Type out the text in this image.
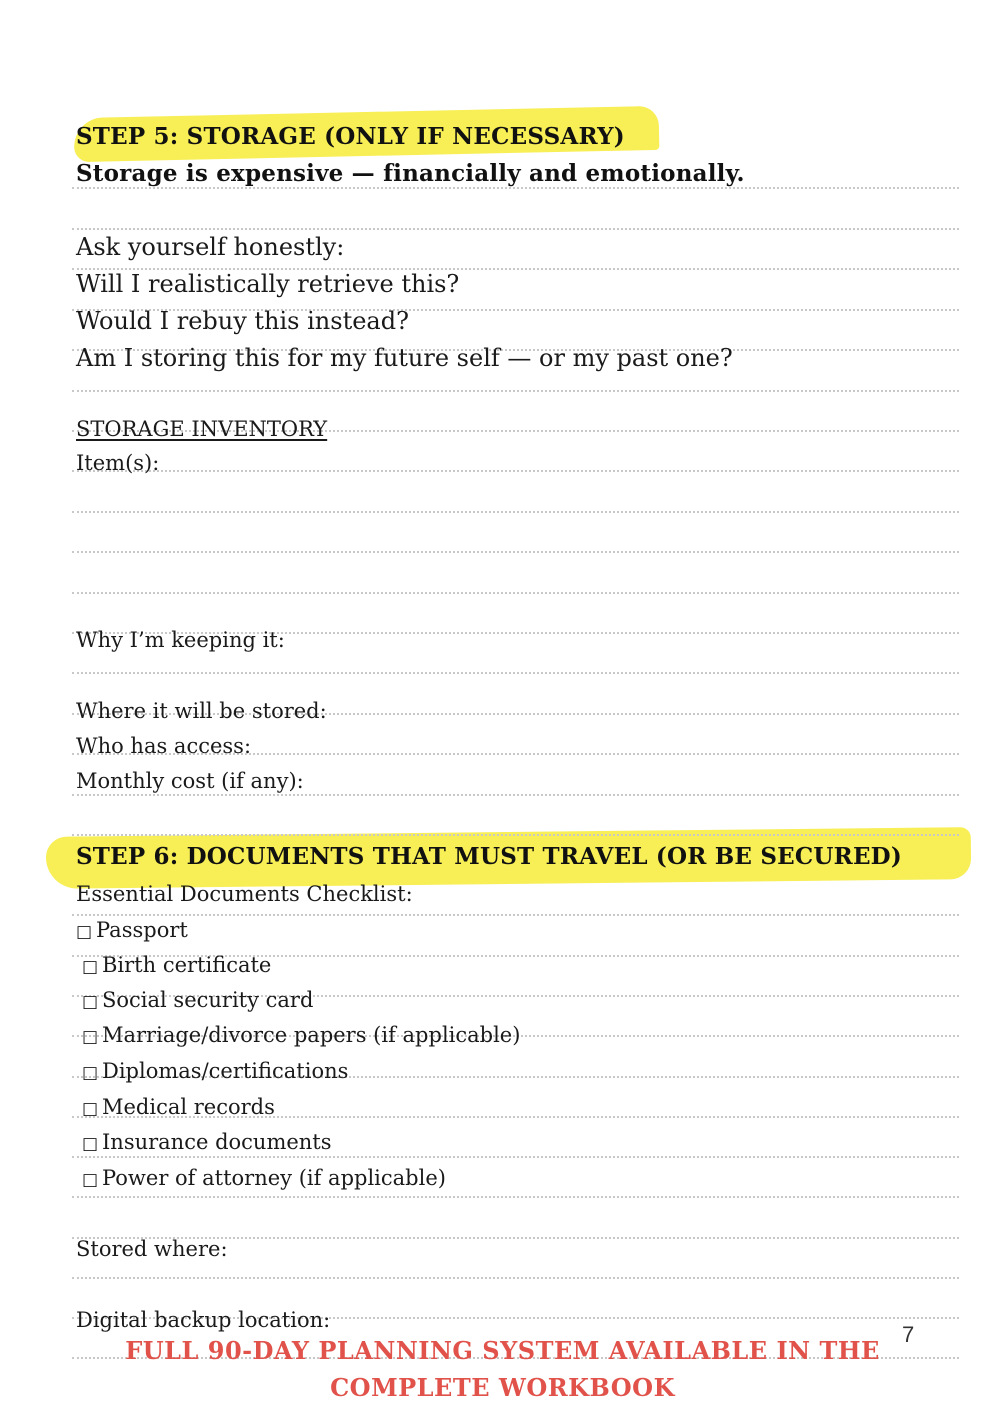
STEP 5: STORAGE (ONLY IF NECESSARY)
Storage is expensive — financially and emotionally.
Ask yourself honestly:
Will I realistically retrieve this?
Would I rebuy this instead?
Am I storing this for my future self — or my past one?
STORAGE INVENTORY
Item(s):
Why I’m keeping it:
Where it will be stored:
Who has access:
Monthly cost (if any):
STEP 6: DOCUMENTS THAT MUST TRAVEL (OR BE SECURED)
Essential Documents Checklist:
□ Passport
□ Birth certificate
□ Social security card
□ Marriage/divorce papers (if applicable)
□ Diplomas/certifications
□ Medical records
□ Insurance documents
□ Power of attorney (if applicable)
Stored where:
Digital backup location:
7
FULL 90-DAY PLANNING SYSTEM AVAILABLE IN THE
COMPLETE WORKBOOK
